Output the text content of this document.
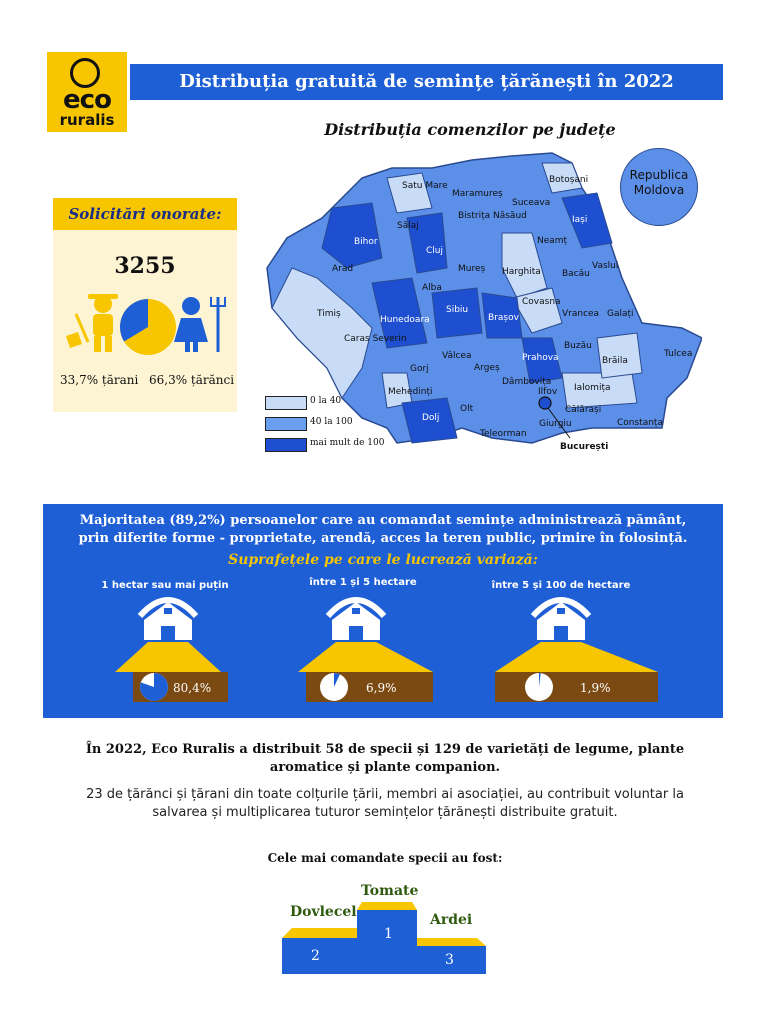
eco
ruralis
Distribuția gratuită de semințe țărănești în 2022
Distribuția comenzilor pe județe
Satu Mare
Maramureș
Botoșani
Suceava
Iași
Sălaj
Bistrița Năsăud
Neamț
Vaslui
Bihor
Cluj
Mureș Harghita Bacău
Arad
Alba
Covasna
Vrancea Galați
Timiș
Hunedoara
Sibiu
Brașov
Caras Severin
Buzău
Brăila
Tulcea
Vâlcea
Argeș
Prahova
Gorj
Dâmbovița
Ialomița
Mehedinți	Ilfov
Călărași
Olt
Giurgiu	Constanța
Dolj
Teleorman
Republica Moldova
București
0 la 40
40 la 100
mai mult de 100
Solicitări onorate:
3255
33,7% țărani 66,3% țărănci
Majoritatea (89,2%) persoanelor care au comandat semințe administrează pământ,
prin diferite forme - proprietate, arendă, acces la teren public, primire în folosință.
Suprafețele pe care le lucrează variază:
1 hectar sau mai puțin	între 1 și 5 hectare	între 5 și 100 de hectare
80,4%	6,9%	1,9%
În 2022, Eco Ruralis a distribuit 58 de specii și 129 de varietăți de legume, plante aromatice și plante companion.
23 de țărănci și țărani din toate colțurile țării, membri ai asociației, au contribuit voluntar la salvarea și multiplicarea tuturor semințelor țărănești distribuite gratuit.
Cele mai comandate specii au fost:
Tomate
Dovlecel	Ardei
1
2	3
